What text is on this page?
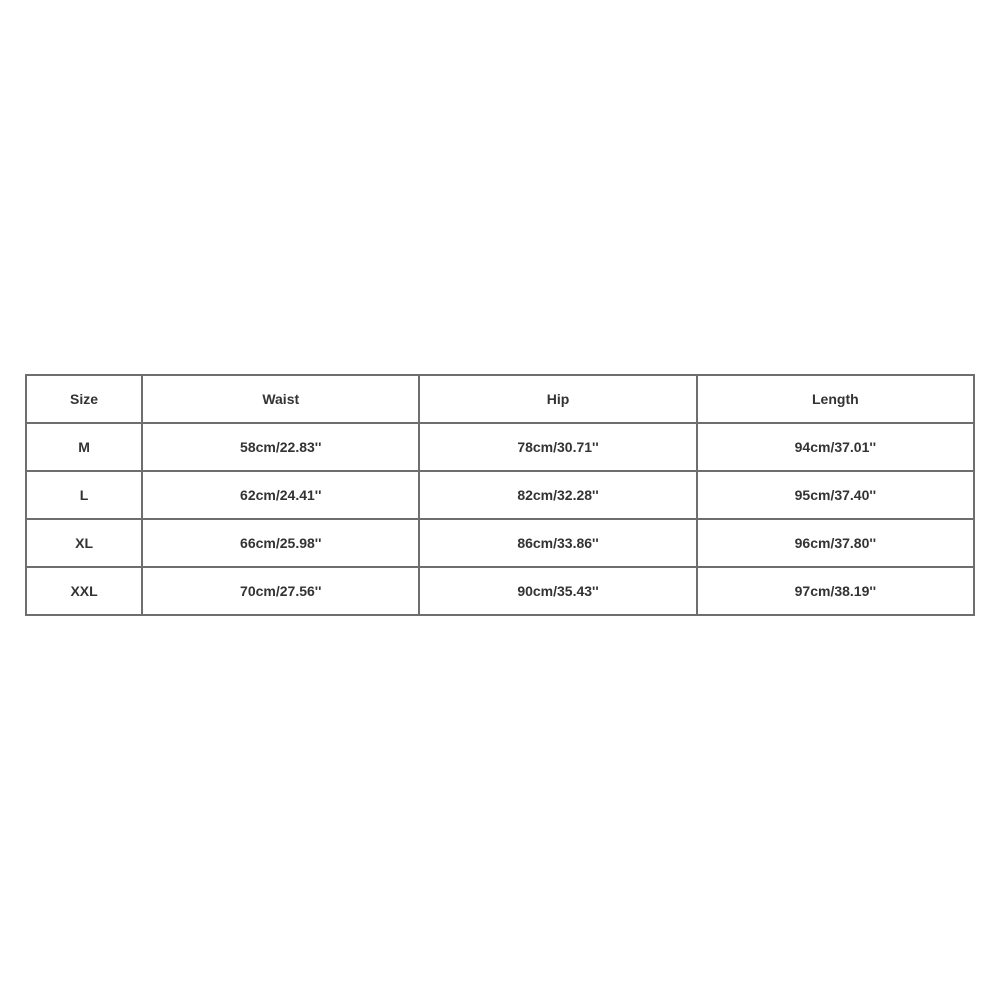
Size	Waist	Hip	Length
M	58cm/22.83''	78cm/30.71''	94cm/37.01''
L	62cm/24.41''	82cm/32.28''	95cm/37.40''
XL	66cm/25.98''	86cm/33.86''	96cm/37.80''
XXL	70cm/27.56''	90cm/35.43''	97cm/38.19''
